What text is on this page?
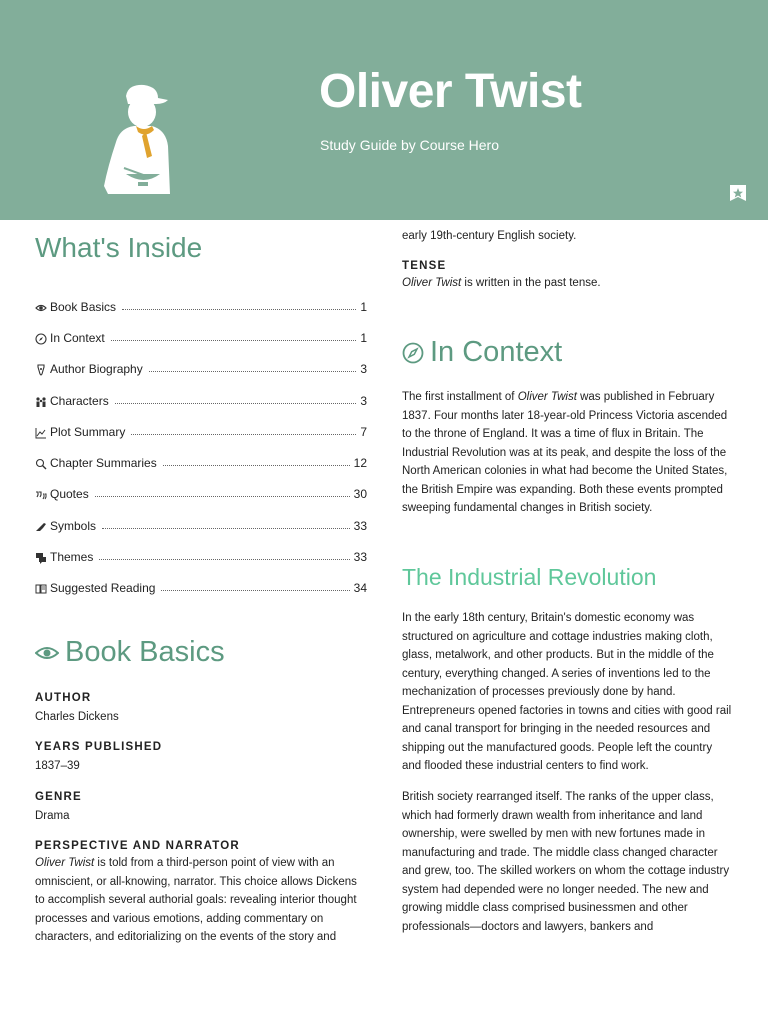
Oliver Twist
Study Guide by Course Hero
What's Inside
Book Basics	1
In Context	1
Author Biography	3
Characters	3
Plot Summary	7
Chapter Summaries	12
Quotes	30
Symbols	33
Themes	33
Suggested Reading	34
Book Basics
AUTHOR
Charles Dickens
YEARS PUBLISHED
1837–39
GENRE
Drama
PERSPECTIVE AND NARRATOR
Oliver Twist is told from a third-person point of view with an omniscient, or all-knowing, narrator. This choice allows Dickens to accomplish several authorial goals: revealing interior thought processes and various emotions, adding commentary on characters, and editorializing on the events of the story and

early 19th-century English society.

TENSE
Oliver Twist is written in the past tense.
In Context

The first installment of Oliver Twist was published in February 1837. Four months later 18-year-old Princess Victoria ascended to the throne of England. It was a time of flux in Britain. The Industrial Revolution was at its peak, and despite the loss of the North American colonies in what had become the United States, the British Empire was expanding. Both these events prompted sweeping fundamental changes in British society.

The Industrial Revolution

In the early 18th century, Britain's domestic economy was structured on agriculture and cottage industries making cloth, glass, metalwork, and other products. But in the middle of the century, everything changed. A series of inventions led to the mechanization of processes previously done by hand. Entrepreneurs opened factories in towns and cities with good rail and canal transport for bringing in the needed resources and shipping out the manufactured goods. People left the country and flooded these industrial centers to find work.

British society rearranged itself. The ranks of the upper class, which had formerly drawn wealth from inheritance and land ownership, were swelled by men with new fortunes made in manufacturing and trade. The middle class changed character and grew, too. The skilled workers on whom the cottage industry system had depended were no longer needed. The new and growing middle class comprised businessmen and other professionals—doctors and lawyers, bankers and
